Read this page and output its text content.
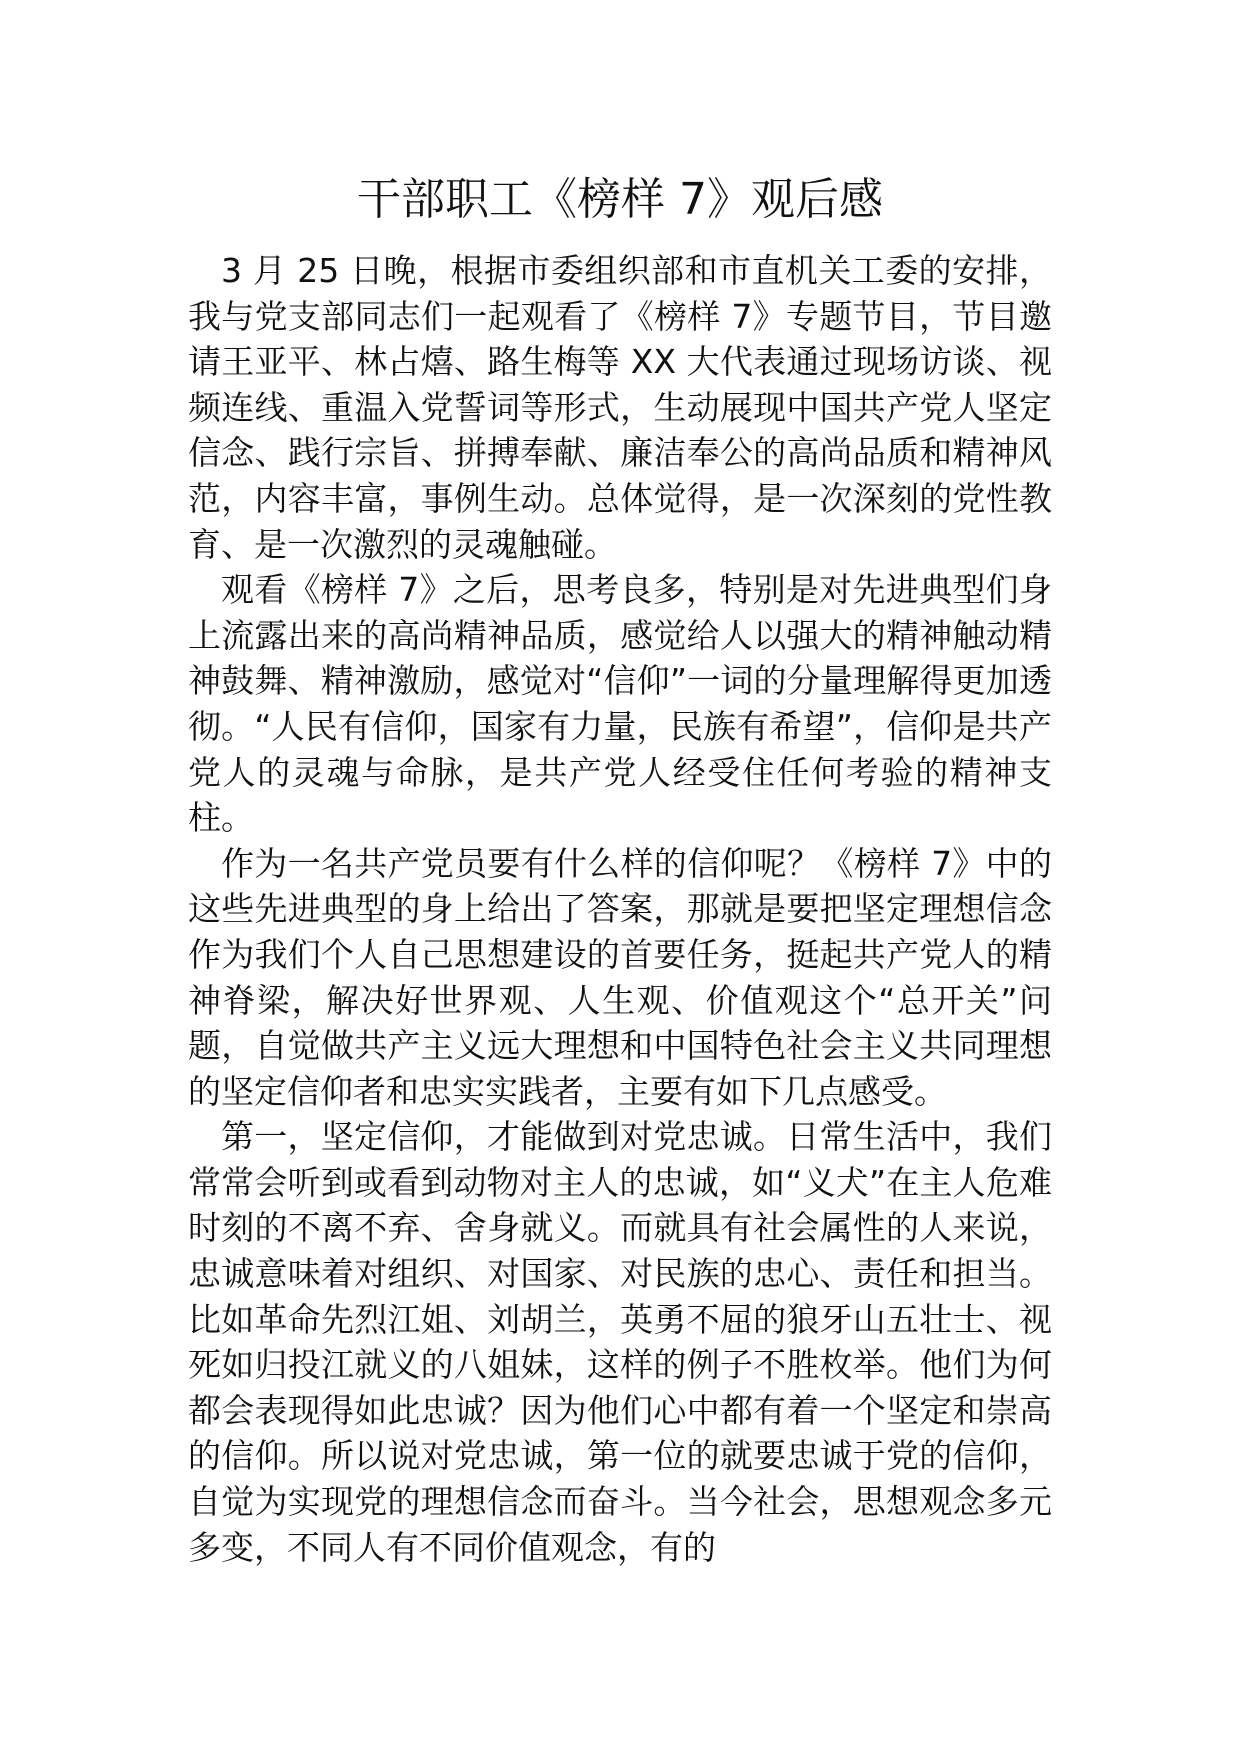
干部职工《榜样 7》观后感

3 月 25 日晚，根据市委组织部和市直机关工委的安排，我与党支部同志们一起观看了《榜样 7》专题节目，节目邀请王亚平、林占熺、路生梅等 XX 大代表通过现场访谈、视频连线、重温入党誓词等形式，生动展现中国共产党人坚定信念、践行宗旨、拼搏奉献、廉洁奉公的高尚品质和精神风范，内容丰富，事例生动。总体觉得，是一次深刻的党性教育、是一次激烈的灵魂触碰。

观看《榜样 7》之后，思考良多，特别是对先进典型们身上流露出来的高尚精神品质，感觉给人以强大的精神触动精神鼓舞、精神激励，感觉对“信仰”一词的分量理解得更加透彻。“人民有信仰，国家有力量，民族有希望”，信仰是共产党人的灵魂与命脉，是共产党人经受住任何考验的精神支柱。

作为一名共产党员要有什么样的信仰呢？《榜样 7》中的这些先进典型的身上给出了答案，那就是要把坚定理想信念作为我们个人自己思想建设的首要任务，挺起共产党人的精神脊梁，解决好世界观、人生观、价值观这个“总开关”问题，自觉做共产主义远大理想和中国特色社会主义共同理想的坚定信仰者和忠实实践者，主要有如下几点感受。

第一，坚定信仰，才能做到对党忠诚。日常生活中，我们常常会听到或看到动物对主人的忠诚，如“义犬”在主人危难时刻的不离不弃、舍身就义。而就具有社会属性的人来说，忠诚意味着对组织、对国家、对民族的忠心、责任和担当。比如革命先烈江姐、刘胡兰，英勇不屈的狼牙山五壮士、视死如归投江就义的八姐妹，这样的例子不胜枚举。他们为何都会表现得如此忠诚？因为他们心中都有着一个坚定和崇高的信仰。所以说对党忠诚，第一位的就要忠诚于党的信仰，自觉为实现党的理想信念而奋斗。当今社会，思想观念多元多变，不同人有不同价值观念，有的
